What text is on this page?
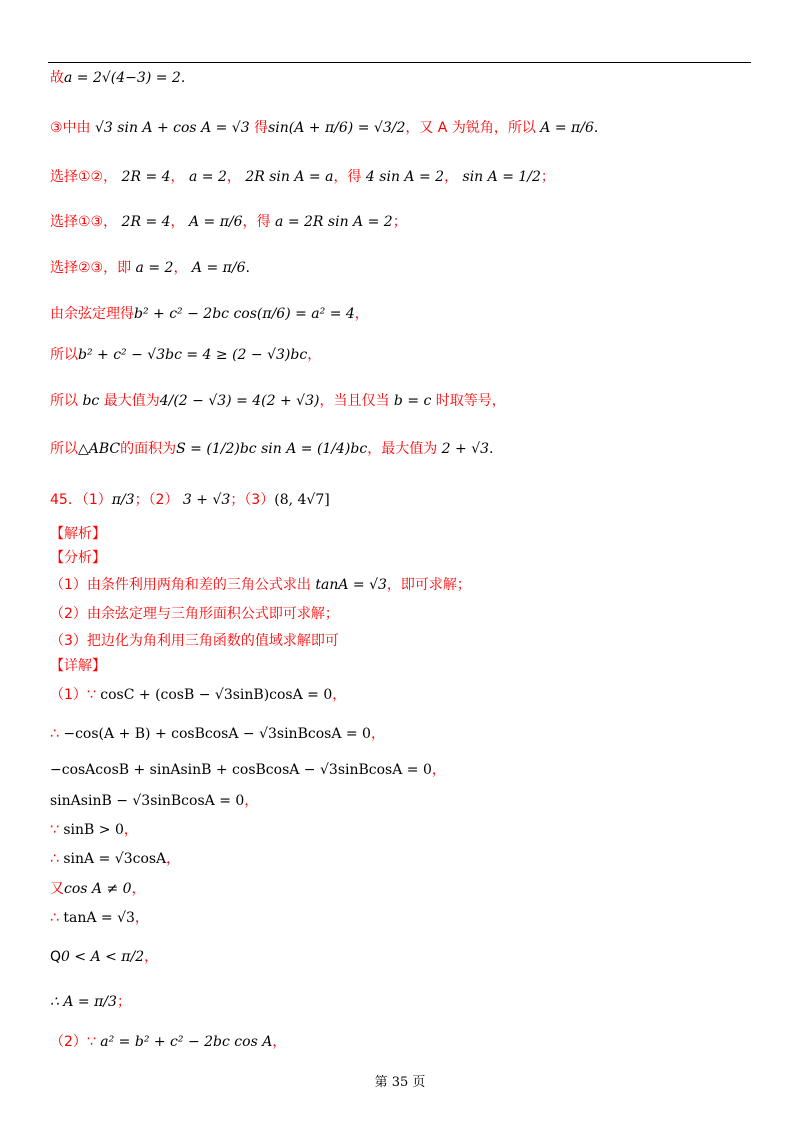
故a = 2√(4−3) = 2.
③中由 √3 sin A + cos A = √3 得sin(A + π/6) = √3/2，又 A 为锐角，所以 A = π/6.
选择①②， 2R = 4， a = 2， 2R sin A = a，得 4 sin A = 2， sin A = 1/2；
选择①③， 2R = 4， A = π/6，得 a = 2R sin A = 2；
选择②③，即 a = 2， A = π/6.
由余弦定理得b² + c² − 2bc cos(π/6) = a² = 4，
所以b² + c² − √3bc = 4 ≥ (2 − √3)bc，
所以 bc 最大值为4/(2 − √3) = 4(2 + √3)，当且仅当 b = c 时取等号，
所以△ABC的面积为S = (1/2)bc sin A = (1/4)bc，最大值为 2 + √3.
45．（1）π/3；（2） 3 + √3；（3）(8, 4√7]
【解析】
【分析】
（1）由条件利用两角和差的三角公式求出 tanA = √3，即可求解；
（2）由余弦定理与三角形面积公式即可求解；
（3）把边化为角利用三角函数的值域求解即可
【详解】
（1）∵ cosC + (cosB − √3sinB)cosA = 0，
∴ −cos(A + B) + cosBcosA − √3sinBcosA = 0，
−cosAcosB + sinAsinB + cosBcosA − √3sinBcosA = 0，
sinAsinB − √3sinBcosA = 0，
∵ sinB > 0，
∴ sinA = √3cosA，
又cos A ≠ 0，
∴ tanA = √3，
Q0 < A < π/2，
∴ A = π/3；
（2）∵ a² = b² + c² − 2bc cos A，
第 35 页
